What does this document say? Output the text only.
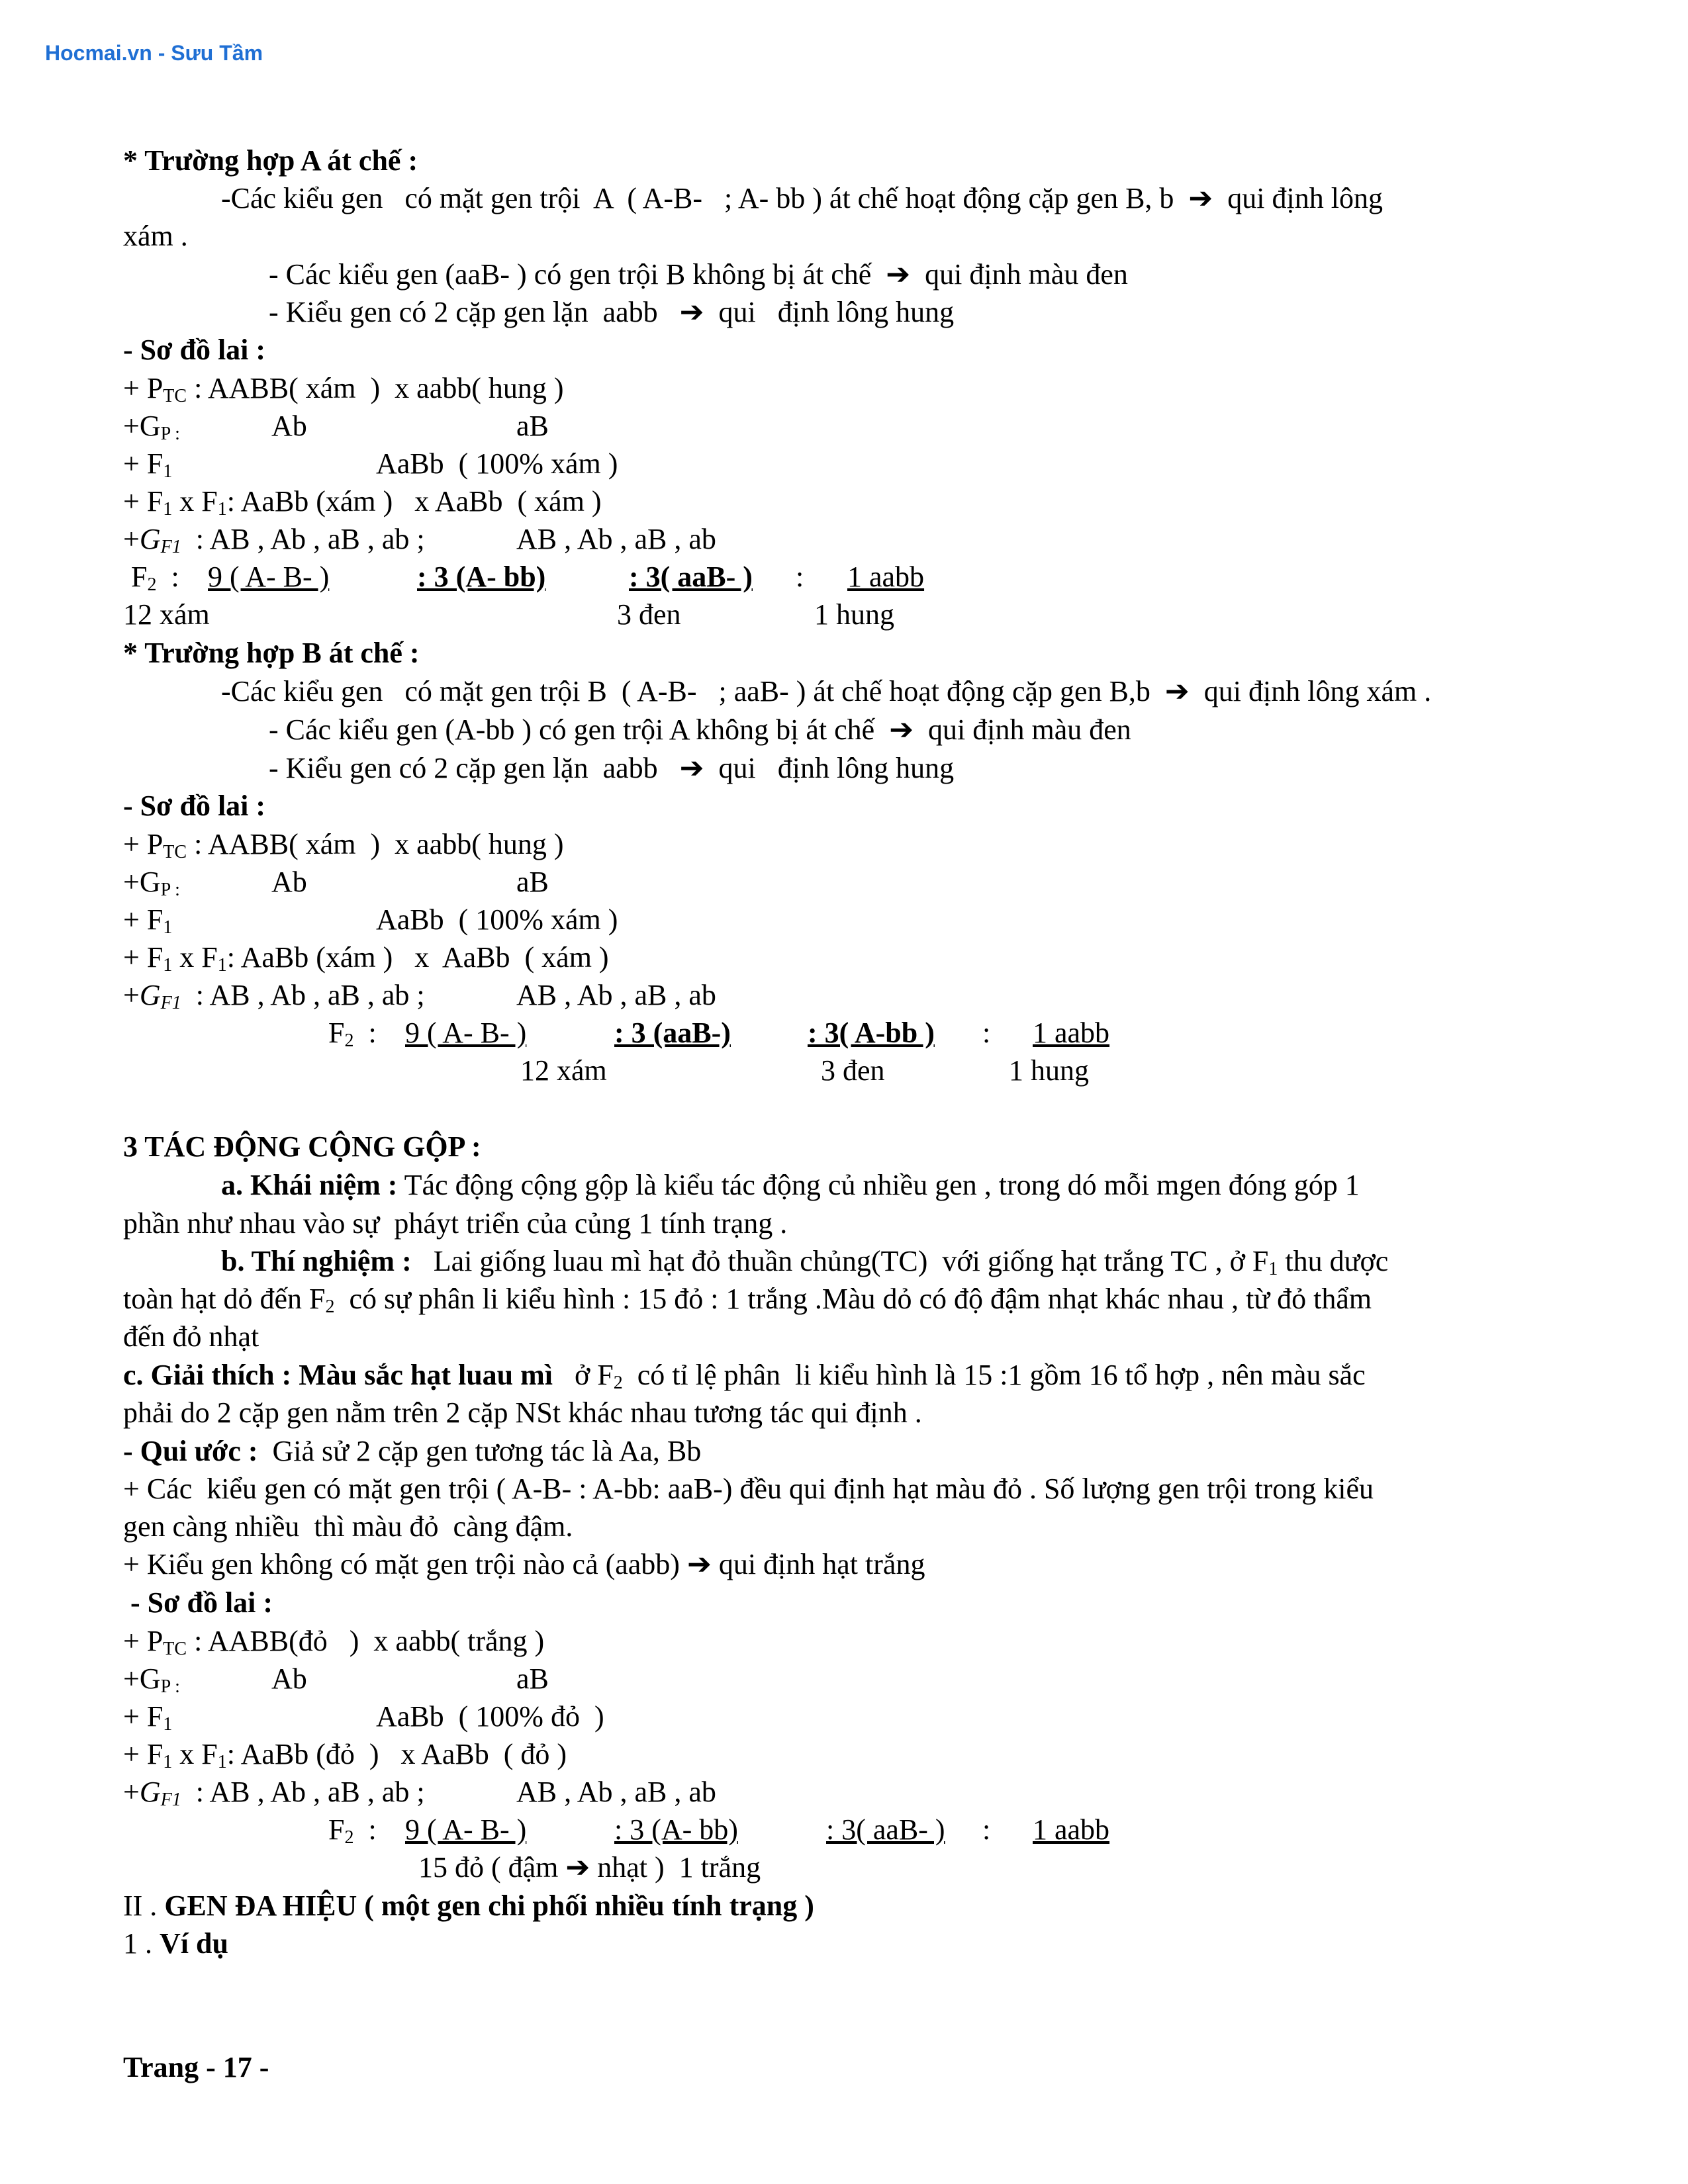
Hocmai.vn - Sưu Tầm
* Trường hợp A át chế :
-Các kiểu gen   có mặt gen trội  A  ( A-B-   ; A- bb ) át chế hoạt động cặp gen B, b  ➔  qui định lông
xám .
- Các kiểu gen (aaB- ) có gen trội B không bị át chế  ➔  qui định màu đen
- Kiểu gen có 2 cặp gen lặn  aabb   ➔  qui   định lông hung
- Sơ đồ lai :
+ $P_{TC}$ : AABB( xám  )  x aabb( hung )
$+G_{P :}$	Ab	aB
+ $F_1$	AaBb  ( 100% xám )
+ $F_1$ x $F_1$: AaBb (xám )   x AaBb  ( xám )
$+G_{F1}$  : AB , Ab , aB , ab ;	AB , Ab , aB , ab
$F_2$  : 9 ( A- B- )	: 3 (A- bb)	: 3( aaB- ) : 1 aabb
12 xám	3 đen	1 hung
* Trường hợp B át chế :
-Các kiểu gen   có mặt gen trội B  ( A-B-   ; aaB- ) át chế hoạt động cặp gen B,b  ➔  qui định lông xám .
- Các kiểu gen (A-bb ) có gen trội A không bị át chế  ➔  qui định màu đen
- Kiểu gen có 2 cặp gen lặn  aabb   ➔  qui   định lông hung
- Sơ đồ lai :
+ $P_{TC}$ : AABB( xám  )  x aabb( hung )
$+G_{P :}$	Ab	aB
+ $F_1$	AaBb  ( 100% xám )
+ $F_1$ x $F_1$: AaBb (xám )   x  AaBb  ( xám )
$+G_{F1}$  : AB , Ab , aB , ab ;	AB , Ab , aB , ab
$F_2$  : 9 ( A- B- )	: 3 (aaB-)	: 3( A-bb ) : 1 aabb
12 xám	3 đen	1 hung
3 TÁC ĐỘNG CỘNG GỘP :
a. Khái niệm : Tác động cộng gộp là kiểu tác động củ nhiều gen , trong dó mỗi mgen đóng góp 1
phần như nhau vào sự  pháyt triển của củng 1 tính trạng .
b. Thí nghiệm :   Lai giống luau mì hạt đỏ thuần chủng(TC)  với giống hạt trắng TC , ở $F_1$ thu dược
toàn hạt dỏ đến $F_2$  có sự phân li kiểu hình : 15 đỏ : 1 trắng .Màu dỏ có độ đậm nhạt khác nhau , từ đỏ thẩm
đến đỏ nhạt
c. Giải thích : Màu sắc hạt luau mì   ở $F_2$  có tỉ lệ phân  li kiểu hình là 15 :1 gồm 16 tổ hợp , nên màu sắc
phải do 2 cặp gen nằm trên 2 cặp NSt khác nhau tương tác qui định .
- Qui ước :  Giả sử 2 cặp gen tương tác là Aa, Bb
+ Các  kiểu gen có mặt gen trội ( A-B- : A-bb: aaB-) đều qui định hạt màu đỏ . Số lượng gen trội trong kiểu
gen càng nhiều  thì màu đỏ  càng đậm.
+ Kiểu gen không có mặt gen trội nào cả (aabb) ➔ qui định hạt trắng
- Sơ đồ lai :
+ $P_{TC}$ : AABB(đỏ   )  x aabb( trắng )
$+G_{P :}$	Ab	aB
+ $F_1$	AaBb  ( 100% đỏ  )
+ $F_1$ x $F_1$: AaBb (đỏ  )   x AaBb  ( đỏ )
$+G_{F1}$  : AB , Ab , aB , ab ;	AB , Ab , aB , ab
$F_2$  : 9 ( A- B- )	: 3 (A- bb)	: 3( aaB- ) : 1 aabb
15 đỏ ( đậm ➔ nhạt )  1 trắng
II . GEN ĐA HIỆU ( một gen chi phối nhiều tính trạng )
1 . Ví dụ
Trang - 17 -
